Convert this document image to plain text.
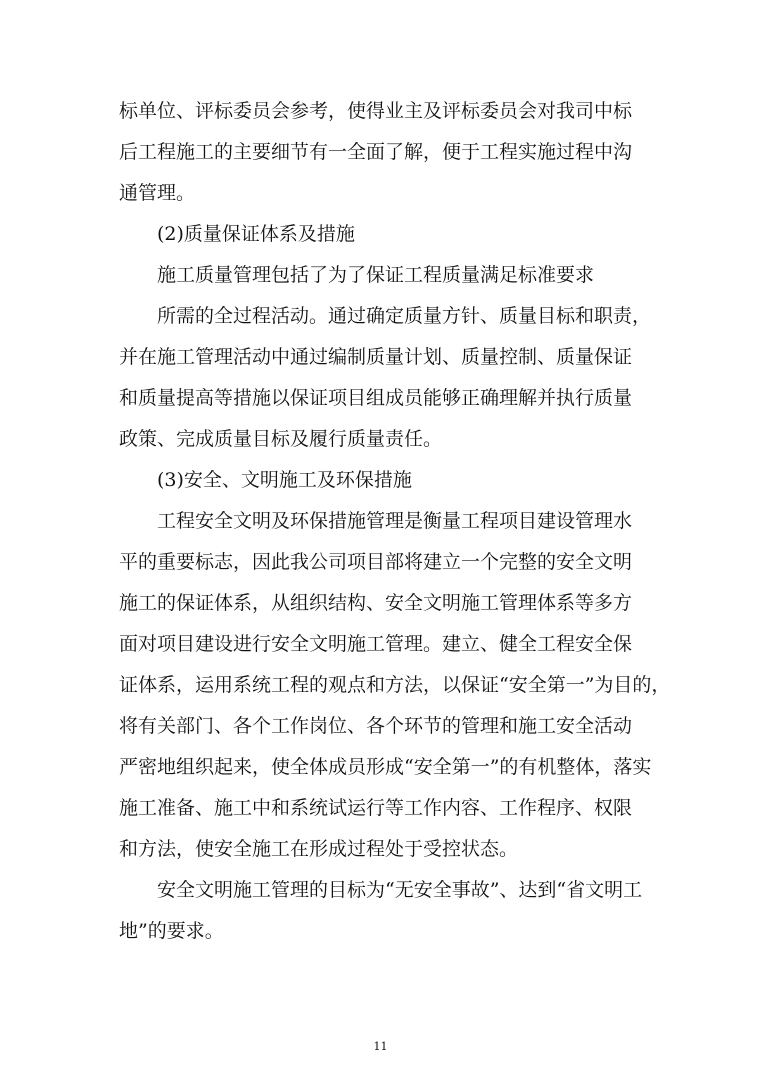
标单位、评标委员会参考，使得业主及评标委员会对我司中标

后工程施工的主要细节有一全面了解，便于工程实施过程中沟

通管理。

(2)质量保证体系及措施

施工质量管理包括了为了保证工程质量满足标准要求

所需的全过程活动。通过确定质量方针、质量目标和职责，

并在施工管理活动中通过编制质量计划、质量控制、质量保证

和质量提高等措施以保证项目组成员能够正确理解并执行质量

政策、完成质量目标及履行质量责任。

(3)安全、文明施工及环保措施

工程安全文明及环保措施管理是衡量工程项目建设管理水

平的重要标志，因此我公司项目部将建立一个完整的安全文明

施工的保证体系，从组织结构、安全文明施工管理体系等多方

面对项目建设进行安全文明施工管理。建立、健全工程安全保

证体系，运用系统工程的观点和方法，以保证“安全第一”为目的，

将有关部门、各个工作岗位、各个环节的管理和施工安全活动

严密地组织起来，使全体成员形成“安全第一”的有机整体，落实

施工准备、施工中和系统试运行等工作内容、工作程序、权限

和方法，使安全施工在形成过程处于受控状态。

安全文明施工管理的目标为“无安全事故”、达到“省文明工

地”的要求。

11
